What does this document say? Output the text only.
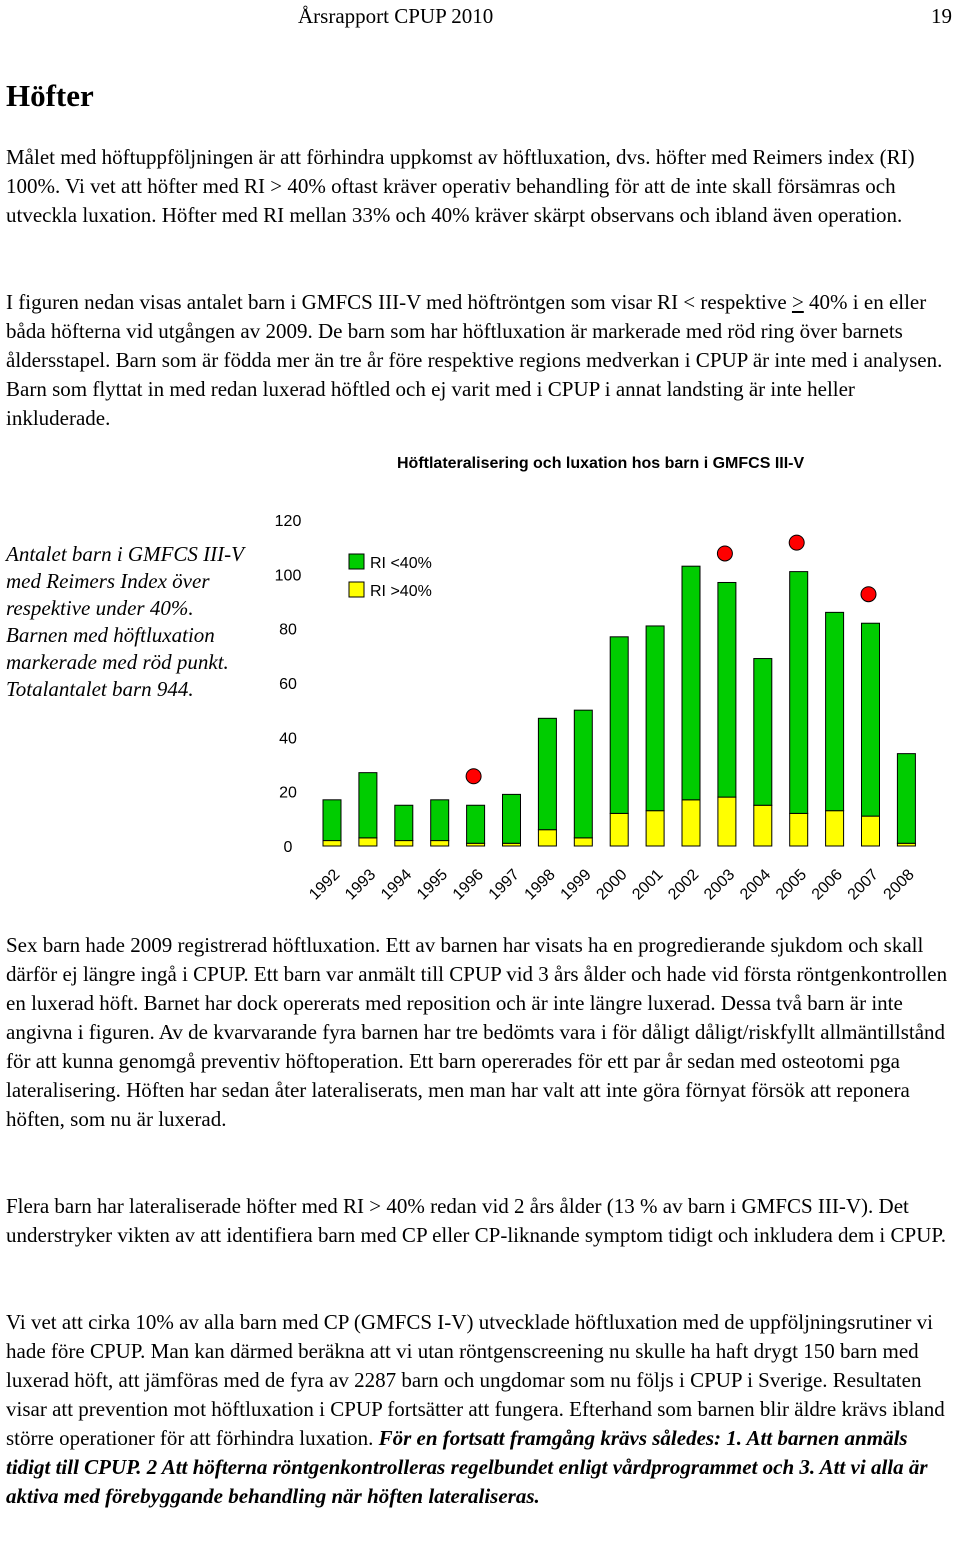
Årsrapport CPUP 2010	19
Höfter

Målet med höftuppföljningen är att förhindra uppkomst av höftluxation, dvs. höfter med Reimers index (RI) 100%. Vi vet att höfter med RI > 40% oftast kräver operativ behandling för att de inte skall försämras och utveckla luxation. Höfter med RI mellan 33% och 40% kräver skärpt observans och ibland även operation.

I figuren nedan visas antalet barn i GMFCS III-V med höftröntgen som visar RI < respektive ≥ 40% i en eller båda höfterna vid utgången av 2009. De barn som har höftluxation är markerade med röd ring över barnets åldersstapel. Barn som är födda mer än tre år före respektive regions medverkan i CPUP är inte med i analysen. Barn som flyttat in med redan luxerad höftled och ej varit med i CPUP i annat landsting är inte heller inkluderade.

Höftlateralisering och luxation hos barn i GMFCS III-V

Antalet barn i GMFCS III-V med Reimers Index över respektive under 40%. Barnen med höftluxation markerade med röd punkt. Totalantalet barn 944.

0
20
40
60
80
100
120
1992
1993
1994
1995
1996
1997
1998
1999
2000
2001
2002
2003
2004
2005
2006
2007
2008
RI <40%
RI >40%

Sex barn hade 2009 registrerad höftluxation. Ett av barnen har visats ha en progredierande sjukdom och skall därför ej längre ingå i CPUP. Ett barn var anmält till CPUP vid 3 års ålder och hade vid första röntgenkontrollen en luxerad höft. Barnet har dock opererats med reposition och är inte längre luxerad. Dessa två barn är inte angivna i figuren. Av de kvarvarande fyra barnen har tre bedömts vara i för dåligt dåligt/riskfyllt allmäntillstånd för att kunna genomgå preventiv höftoperation. Ett barn opererades för ett par år sedan med osteotomi pga lateralisering. Höften har sedan åter lateraliserats, men man har valt att inte göra förnyat försök att reponera höften, som nu är luxerad.

Flera barn har lateraliserade höfter med RI > 40% redan vid 2 års ålder (13 % av barn i GMFCS III-V). Det understryker vikten av att identifiera barn med CP eller CP-liknande symptom tidigt och inkludera dem i CPUP.

Vi vet att cirka 10% av alla barn med CP (GMFCS I-V) utvecklade höftluxation med de uppföljningsrutiner vi hade före CPUP. Man kan därmed beräkna att vi utan röntgenscreening nu skulle ha haft drygt 150 barn med luxerad höft, att jämföras med de fyra av 2287 barn och ungdomar som nu följs i CPUP i Sverige. Resultaten visar att prevention mot höftluxation i CPUP fortsätter att fungera. Efterhand som barnen blir äldre krävs ibland större operationer för att förhindra luxation. För en fortsatt framgång krävs således: 1. Att barnen anmäls tidigt till CPUP. 2 Att höfterna röntgenkontrolleras regelbundet enligt vårdprogrammet och 3. Att vi alla är aktiva med förebyggande behandling när höften lateraliseras.
